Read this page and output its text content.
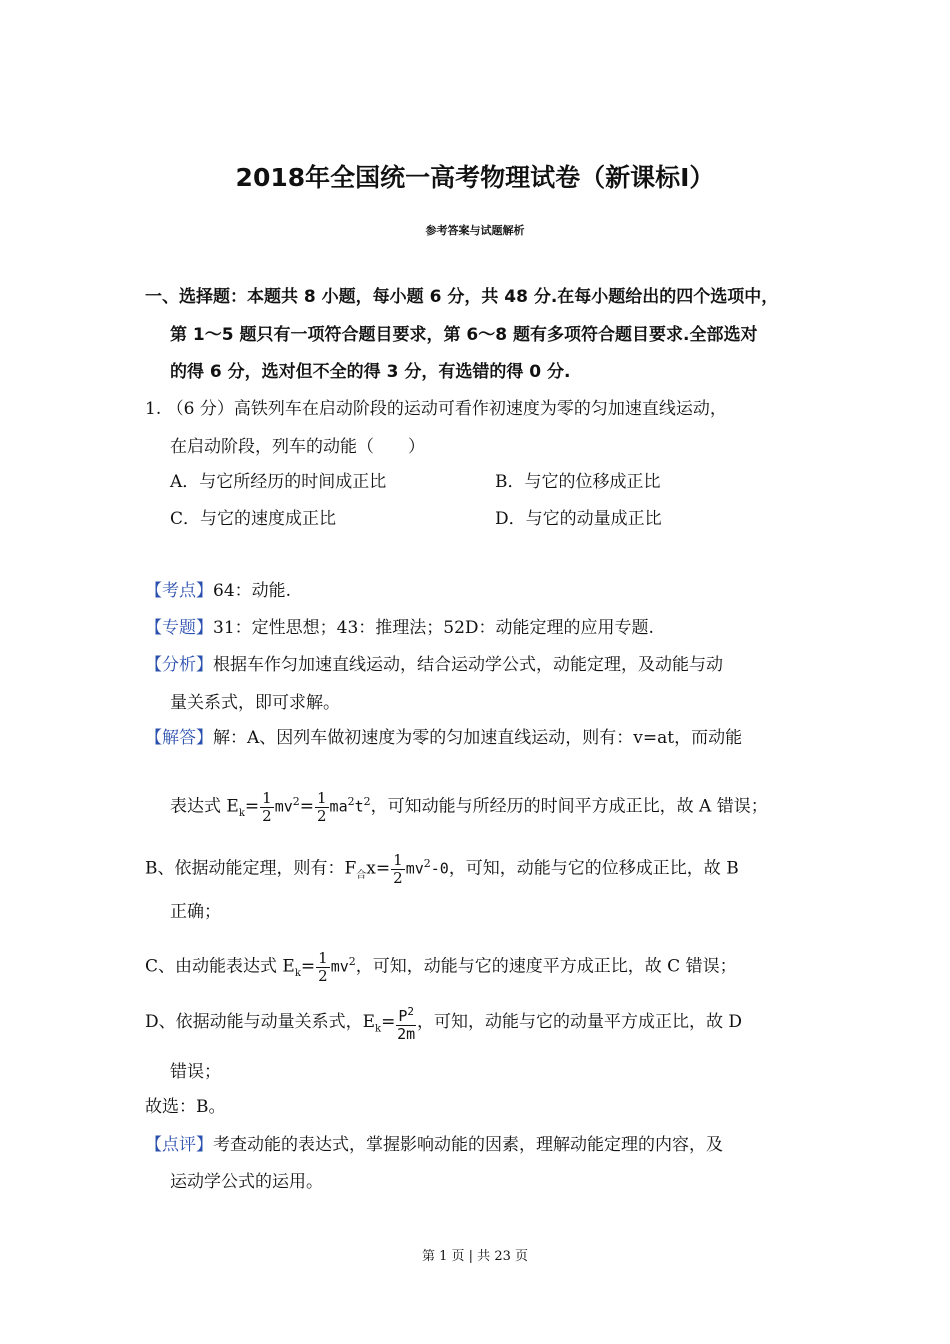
2018年全国统一高考物理试卷（新课标Ⅰ）
参考答案与试题解析
一、选择题：本题共 8 小题，每小题 6 分，共 48 分.在每小题给出的四个选项中，
第 1～5 题只有一项符合题目要求，第 6～8 题有多项符合题目要求.全部选对
的得 6 分，选对但不全的得 3 分，有选错的得 0 分.
1. （6 分）高铁列车在启动阶段的运动可看作初速度为零的匀加速直线运动，
在启动阶段，列车的动能（　　）
A．与它所经历的时间成正比	B．与它的位移成正比
C．与它的速度成正比	D．与它的动量成正比
【考点】64：动能.
【专题】31：定性思想；43：推理法；52D：动能定理的应用专题.
【分析】根据车作匀加速直线运动，结合运动学公式，动能定理，及动能与动
量关系式，即可求解。
【解答】解：A、因列车做初速度为零的匀加速直线运动，则有：v=at，而动能
表达式 $E_k= \frac{1}{2} mv^2= \frac{1}{2} ma^2t^2$，可知动能与所经历的时间平方成正比，故 A 错误；
B、依据动能定理，则有：$F_合x= \frac{1}{2} mv^2-0$，可知，动能与它的位移成正比，故 B
正确；
C、由动能表达式 $E_k= \frac{1}{2} mv^2$，可知，动能与它的速度平方成正比，故 C 错误；
D、依据动能与动量关系式，$E_k= \frac{P^2}{2m}$ ，可知，动能与它的动量平方成正比，故 D
错误；
故选：B。
【点评】考查动能的表达式，掌握影响动能的因素，理解动能定理的内容，及
运动学公式的运用。
第 1 页 | 共 23 页
